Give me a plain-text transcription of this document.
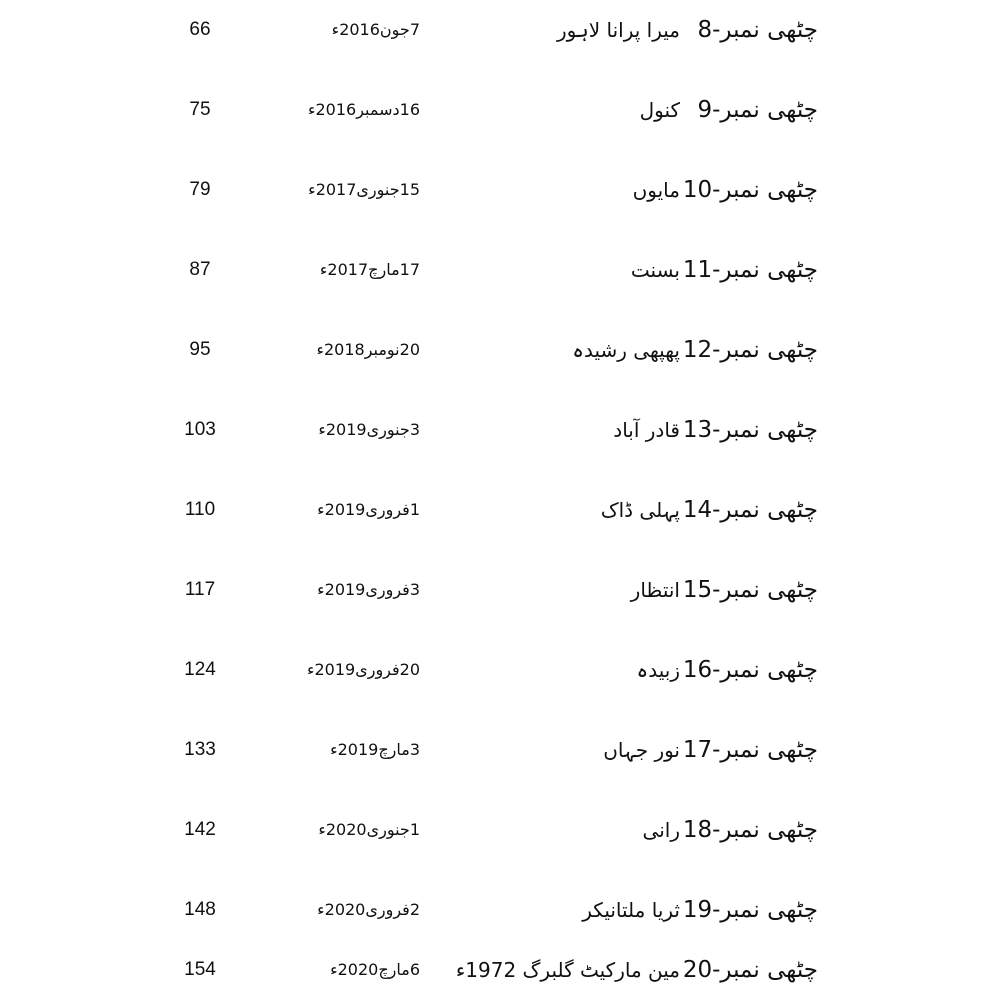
66	7جون2016ء	میرا پرانا لاہور چٹھی نمبر-8
75	16دسمبر2016ء	کنول چٹھی نمبر-9
79	15جنوری2017ء	مایوں چٹھی نمبر-10
87	17مارچ2017ء	بسنت چٹھی نمبر-11
95	20نومبر2018ء	پھپھی رشیدہ چٹھی نمبر-12
103	3جنوری2019ء	قادر آباد چٹھی نمبر-13
110	1فروری2019ء	پہلی ڈاک چٹھی نمبر-14
117	3فروری2019ء	انتظار چٹھی نمبر-15
124	20فروری2019ء	زبیدہ چٹھی نمبر-16
133	3مارچ2019ء	نور جہاں چٹھی نمبر-17
142	1جنوری2020ء	رانی چٹھی نمبر-18
148	2فروری2020ء	ثریا ملتانیکر چٹھی نمبر-19
154	6مارچ2020ء	مین مارکیٹ گلبرگ 1972ء چٹھی نمبر-20
